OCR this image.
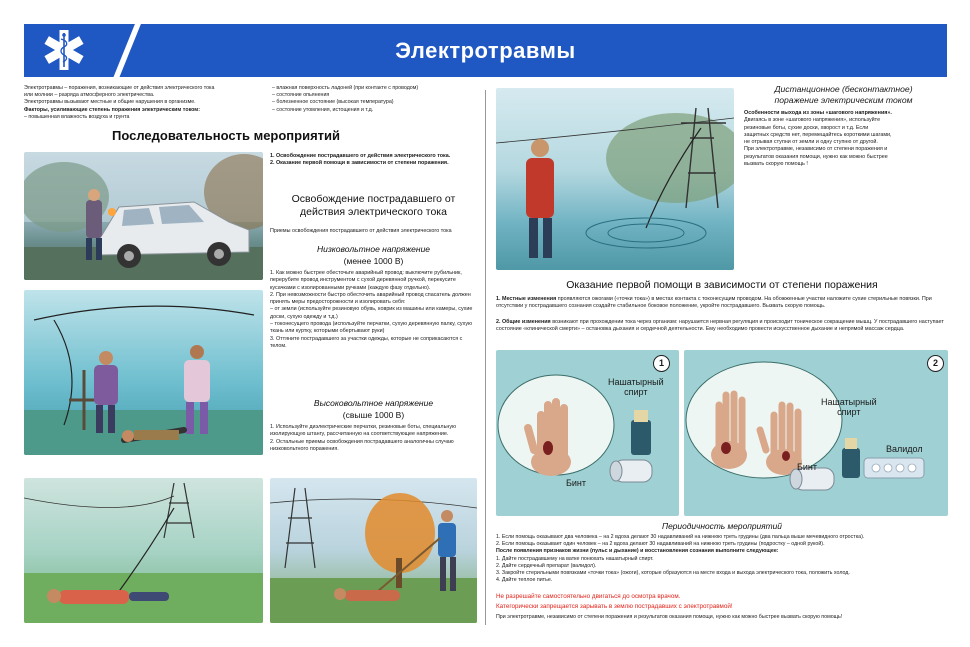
Электротравмы
Электротравмы – поражения, возникающие от действия электрического тока
или молнии – разряда атмосферного электричества.
Электротравмы вызывают местные и общие нарушения в организме.
Факторы, усиливающие степень поражения электрическим током:
– повышенная влажность воздуха и грунта
– влажная поверхность ладоней (при контакте с проводом)
– состояние опьянения
– болезненное состояние (высокая температура)
– состояние утомления, истощения и т.д.
Последовательность мероприятий
1. Освобождение пострадавшего от действия электрического тока.
2. Оказание первой помощи в зависимости от степени поражения.
Освобождение пострадавшего от действия электрического тока
Приемы освобождения пострадавшего от действия электрического тока
Низковольтное напряжение
(менее 1000 В)
1. Как можно быстрее обесточьте аварийный провод: выключите рубильник, перерубите провод инструментом с сухой деревянной ручкой, перекусите кусачками с изолированными ручками (каждую фазу отдельно).
2. При невозможности быстро обесточить аварийный провод спасатель должен принять меры предосторожности и изолировать себя:
– от земли (используйте резиновую обувь, коврик из машины или камеры, сухие доски, сухую одежду и т.д.)
– токонесущего провода (используйте перчатки, сухую деревянную палку, сухую ткань или куртку, которыми обертывают руки)
3. Оттяните пострадавшего за участки одежды, которые не соприкасаются с телом.
Высоковольтное напряжение
(свыше 1000 В)
1. Используйте диэлектрические перчатки, резиновые боты, специальную изолирующую штангу, рассчитанную на соответствующее напряжение.
2. Остальные приемы освобождения пострадавшего аналогичны случаю низковольтного поражения.
Дистанционное (бесконтактное)
поражение электрическим током
Особенности выхода из зоны «шагового напряжения».
Двигаясь в зоне «шагового напряжения», используйте
резиновые боты, сухие доски, хворост и т.д. Если
защитных средств нет, перемещайтесь короткими шагами,
не отрывая ступни от земли и одну ступню от другой.
При электротравме, независимо от степени поражения и
результатов оказания помощи, нужно как можно быстрее
вызвать скорую помощь !
Оказание первой помощи в зависимости от степени поражения
1. Местные изменения проявляются ожогами («точки тока») в местах контакта с токонесущим проводом. На обожженные участки наложите сухие стерильные повязки. При отсутствии у пострадавшего сознания создайте стабильное боковое положение, укройте пострадавшего. Вызвать скорую помощь.
2. Общие изменения возникают при прохождении тока через организм: нарушается нервная регуляция и происходит тоническое сокращение мышц. У пострадавшего наступает состояние «клинической смерти» – остановка дыхания и сердечной деятельности. Ему необходимо провести искусственное дыхание и непрямой массаж сердца.
1
Нашатырный
спирт
Бинт
2
Нашатырный
спирт
Валидол
Бинт
Периодичность мероприятий
1. Если помощь оказывают два человека – на 2 вдоха делают 30 надавливаний на нижнюю треть грудины (два пальца выше мечевидного отростка).
2. Если помощь оказывает один человек – на 2 вдоха делают 30 надавливаний на нижнюю треть грудины (подростку – одной рукой).
После появления признаков жизни (пульс и дыхание) и восстановления сознания выполните следующее:
1. Дайте пострадавшему на ватке понюхать нашатырный спирт.
2. Дайте сердечный препарат (валидол).
3. Закройте стерильными повязками «точки тока» (ожоги), которые образуются на месте входа и выхода электрического тока, положить холод.
4. Дайте теплое питье.
Не разрешайте самостоятельно двигаться до осмотра врачом.
Категорически запрещается зарывать в землю пострадавших с электротравмой!
При электротравме, независимо от степени поражения и результатов оказания помощи, нужно как можно быстрее вызвать скорую помощь!
